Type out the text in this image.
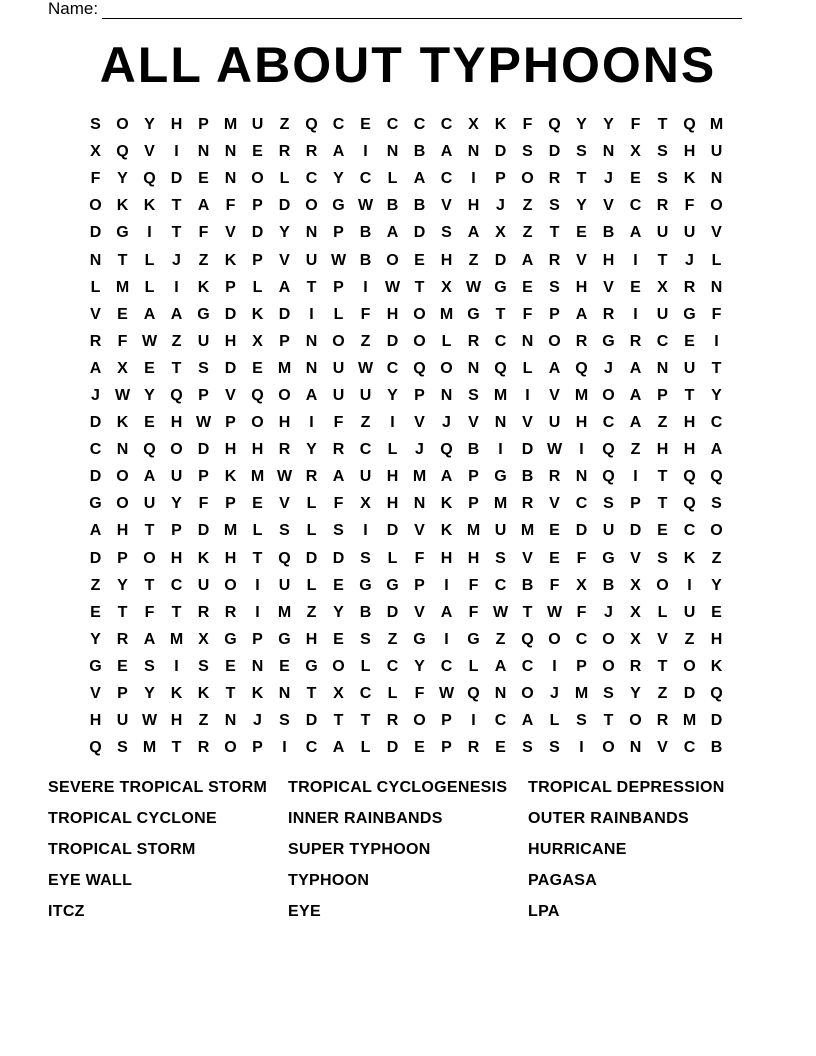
Name:
ALL ABOUT TYPHOONS
S O Y H P M U	Z Q C E C C C X K	F Q Y	Y	F	T Q M
X Q V	I	N N E R R A	I	N B A N D S D S N X	S H U
F	Y Q D E N O L	C Y C	L	A C	I	P O R	T	J	E	S K N
O K K	T	A	F	P D O G W B B V H	J	Z	S	Y	V C R	F O
D G	I	T	F	V D Y N P B A D S A X	Z	T	E B A U U V
N	T	L	J	Z	K P	V U W B O E H	Z	D A R V H	I	T	J	L
L M L	I	K P	L	A	T	P	I	W T	X W G E	S H V	E	X R N
V	E A A G D K D	I	L	F	H O M G T	F	P A R	I	U G F
R	F W Z	U H X	P N O Z	D O L	R C N O R G R C E	I
A X	E	T	S D E M N U W C Q O N Q L	A Q	J	A N U	T
J W Y Q P	V Q O A U U Y	P N S M	I	V M O A P	T	Y
D K E H W P O H	I	F	Z	I	V	J	V N V U H C A	Z	H C
C N Q O D H H R Y R C	L	J	Q B	I	D W	I	Q Z	H H A
D O A U P K M W R A U H M A P G B R N Q	I	T Q Q
G O U Y	F	P	E	V	L	F	X H N K P M R V C S	P	T Q S
A H	T	P D M L	S	L	S	I	D V K M U M E D U D E C O
D P O H K H	T Q D D S	L	F	H H S	V	E	F G V	S K	Z
Z	Y	T	C U O	I	U	L	E G G P	I	F	C B	F	X B X O	I	Y
E	T	F	T	R R	I	M Z	Y B D V A	F W T W F	J	X	L	U E
Y R A M X G P G H E	S	Z G	I	G Z Q O C O X	V	Z	H
G E	S	I	S	E N E G O L	C Y C	L	A C	I	P O R	T O K
V	P	Y K K	T	K N	T	X C	L	F W Q N O	J M S	Y	Z	D Q
H U W H	Z	N	J	S D	T	T	R O P	I	C A	L	S	T O R M D
Q S M T	R O P	I	C A	L	D E	P R E	S	S	I	O N V C B
SEVERE TROPICAL STORM	TROPICAL CYCLOGENESIS	TROPICAL DEPRESSION
TROPICAL CYCLONE	INNER RAINBANDS	OUTER RAINBANDS
TROPICAL STORM	SUPER TYPHOON	HURRICANE
EYE WALL	TYPHOON	PAGASA
ITCZ	EYE	LPA
